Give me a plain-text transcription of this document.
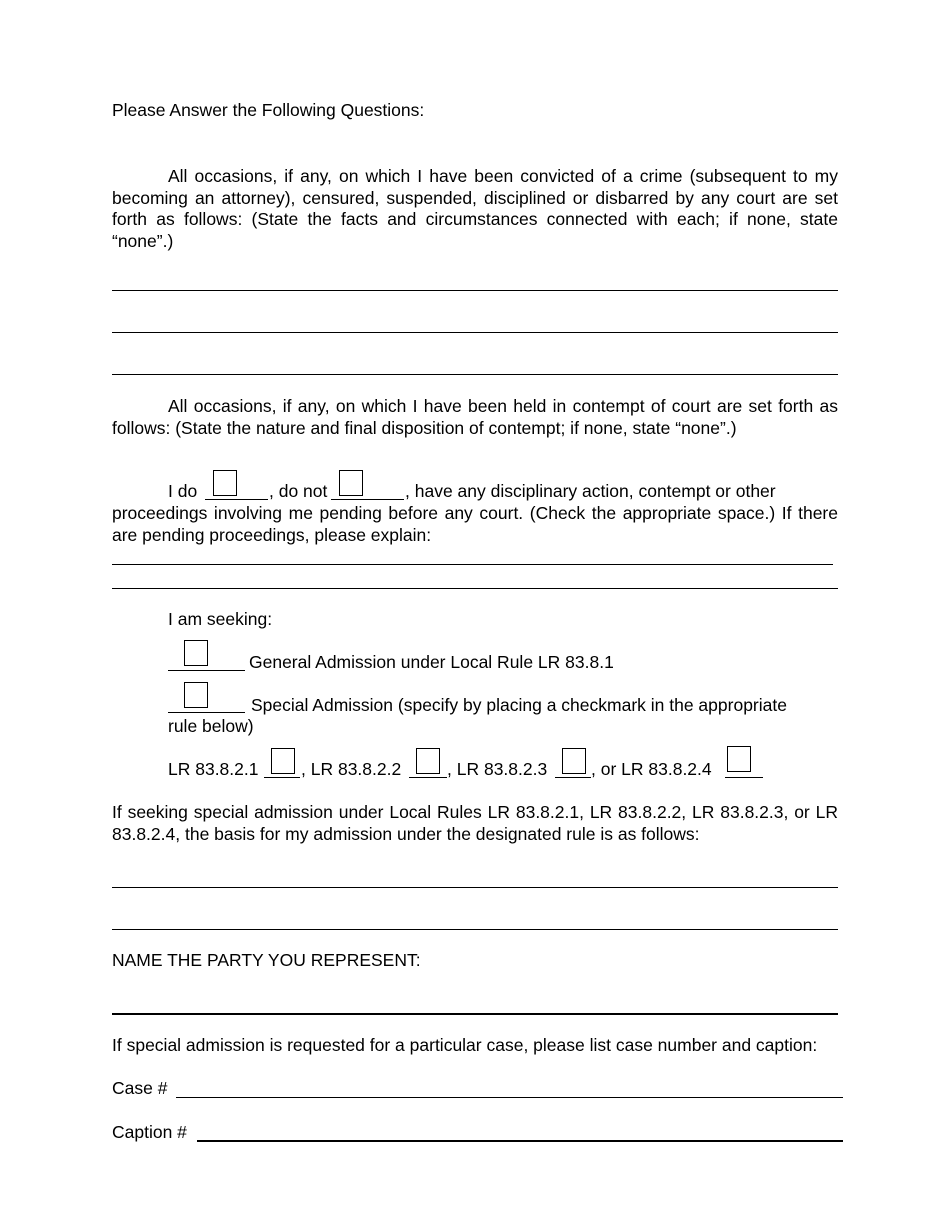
Please Answer the Following Questions:
All occasions, if any, on which I have been convicted of a crime (subsequent to my becoming an attorney), censured, suspended, disciplined or disbarred by any court are set forth as follows: (State the facts and circumstances connected with each; if none, state “none”.)
All occasions, if any, on which I have been held in contempt of court are set forth as follows: (State the nature and final disposition of contempt; if none, state “none”.)
I do	, do not	, have any disciplinary action, contempt or other
proceedings involving me pending before any court. (Check the appropriate space.) If there are pending proceedings, please explain:
I am seeking:
General Admission under Local Rule LR 83.8.1
Special Admission (specify by placing a checkmark in the appropriate
rule below)
LR 83.8.2.1 , LR 83.8.2.2	, LR 83.8.2.3	, or LR 83.8.2.4
If seeking special admission under Local Rules LR 83.8.2.1, LR 83.8.2.2, LR 83.8.2.3, or LR 83.8.2.4, the basis for my admission under the designated rule is as follows:
NAME THE PARTY YOU REPRESENT:
If special admission is requested for a particular case, please list case number and caption:
Case #
Caption #
